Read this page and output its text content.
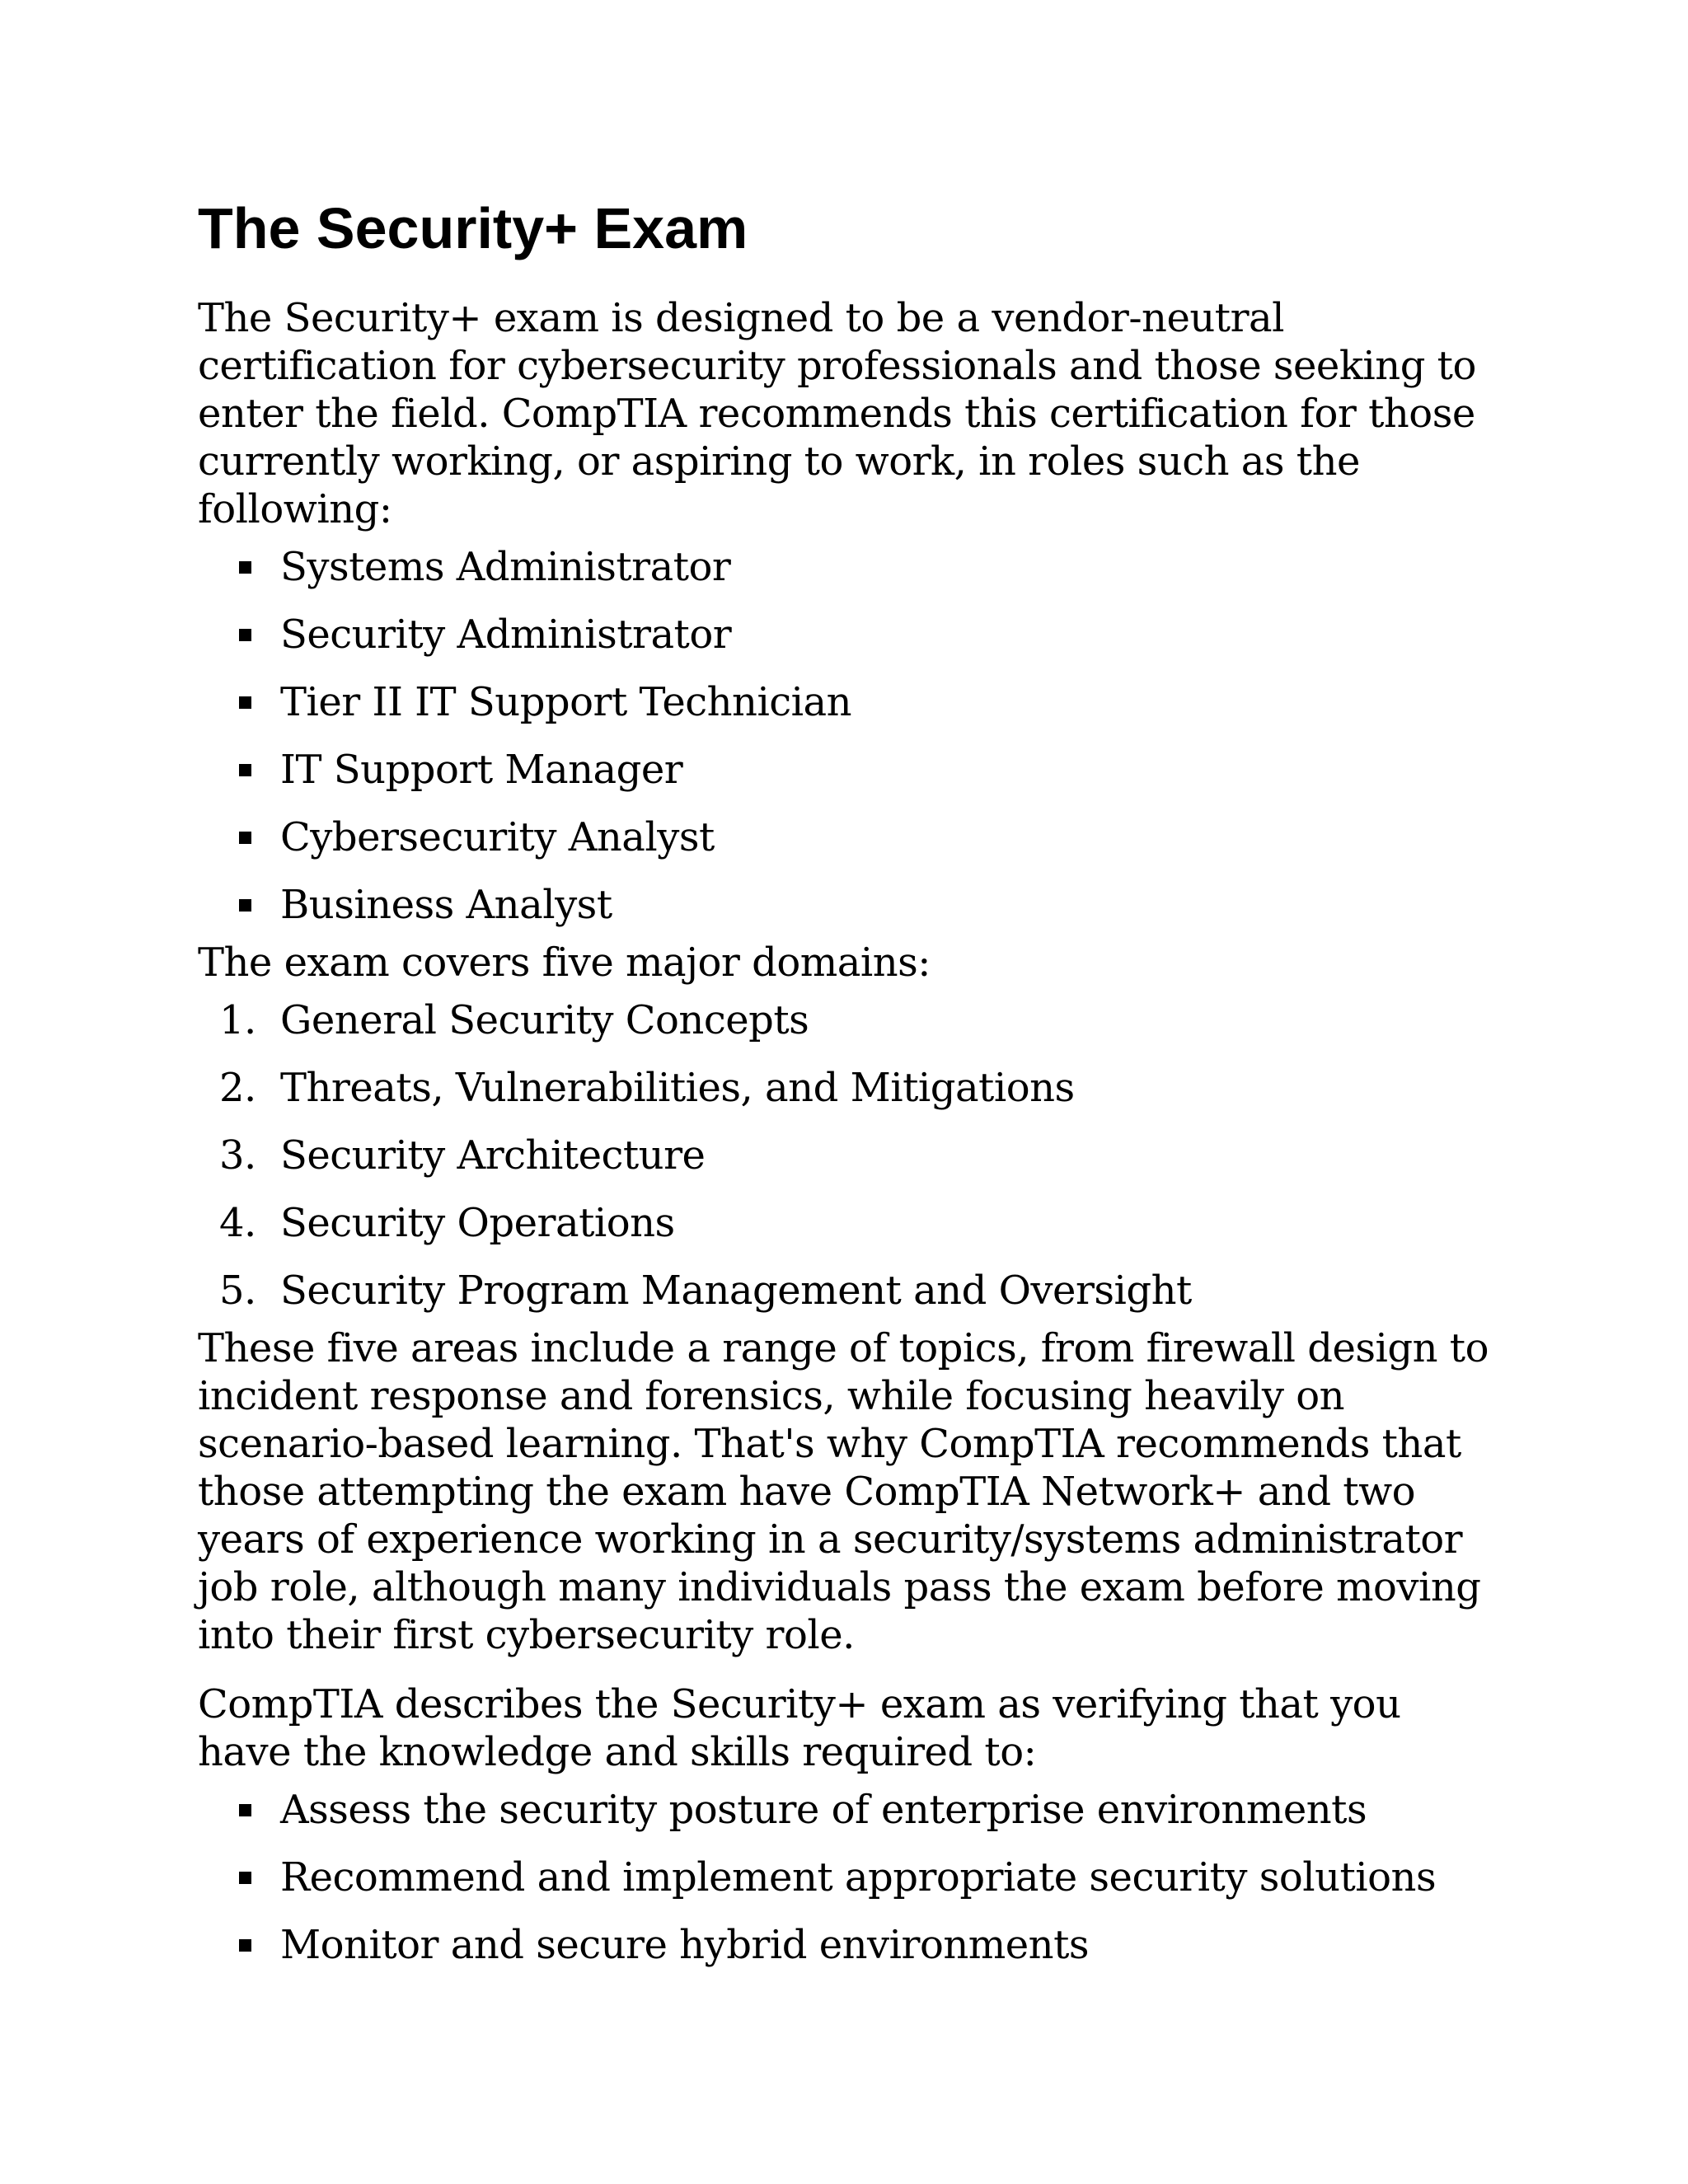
The Security+ Exam

The Security+ exam is designed to be a vendor-neutral certification for cybersecurity professionals and those seeking to enter the field. CompTIA recommends this certification for those currently working, or aspiring to work, in roles such as the following:

Systems Administrator
Security Administrator
Tier II IT Support Technician
IT Support Manager
Cybersecurity Analyst
Business Analyst

The exam covers five major domains:

1. General Security Concepts
2. Threats, Vulnerabilities, and Mitigations
3. Security Architecture
4. Security Operations
5. Security Program Management and Oversight

These five areas include a range of topics, from firewall design to incident response and forensics, while focusing heavily on scenario-based learning. That's why CompTIA recommends that those attempting the exam have CompTIA Network+ and two years of experience working in a security/systems administrator job role, although many individuals pass the exam before moving into their first cybersecurity role.

CompTIA describes the Security+ exam as verifying that you have the knowledge and skills required to:

Assess the security posture of enterprise environments
Recommend and implement appropriate security solutions
Monitor and secure hybrid environments
